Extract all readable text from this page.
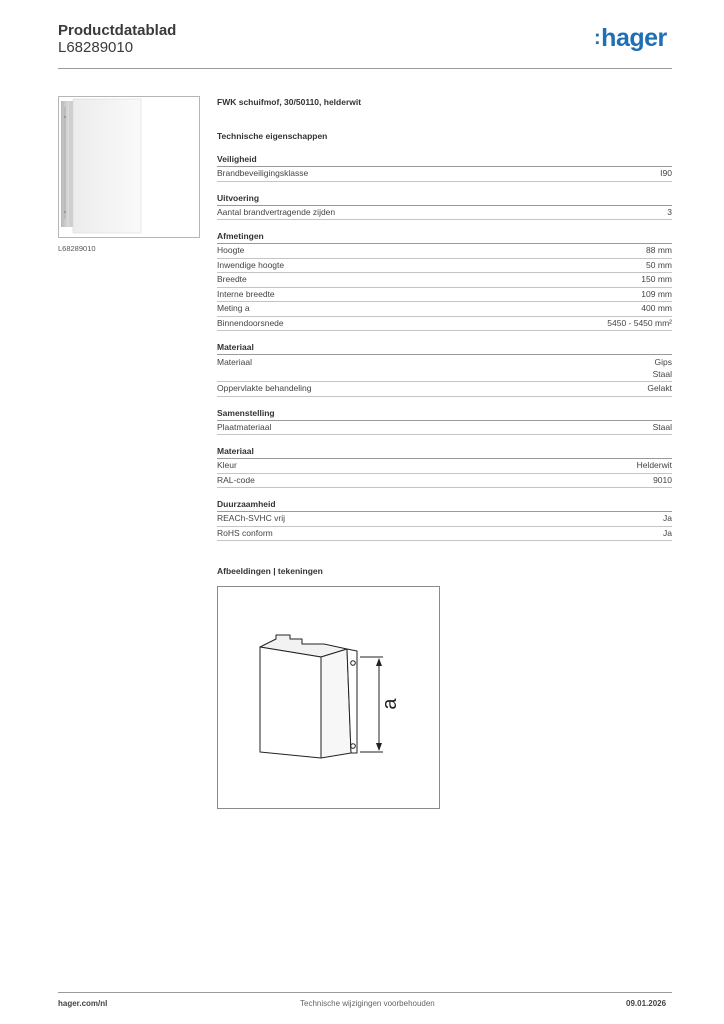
Productdatablad
L68289010	:hager
L68289010
FWK schuifmof, 30/50110, helderwit
Technische eigenschappen
Veiligheid
Brandbeveiligingsklasse	I90
Uitvoering
Aantal brandvertragende zijden	3
Afmetingen
Hoogte	88 mm
Inwendige hoogte	50 mm
Breedte	150 mm
Interne breedte	109 mm
Meting a	400 mm
Binnendoorsnede	5450 - 5450 mm²
Materiaal
Materiaal	Gips
Staal
Oppervlakte behandeling	Gelakt
Samenstelling
Plaatmateriaal	Staal
Materiaal
Kleur	Helderwit
RAL-code	9010
Duurzaamheid
REACh-SVHC vrij	Ja
RoHS conform	Ja
Afbeeldingen | tekeningen
a
hager.com/nl	Technische wijzigingen voorbehouden	09.01.2026
